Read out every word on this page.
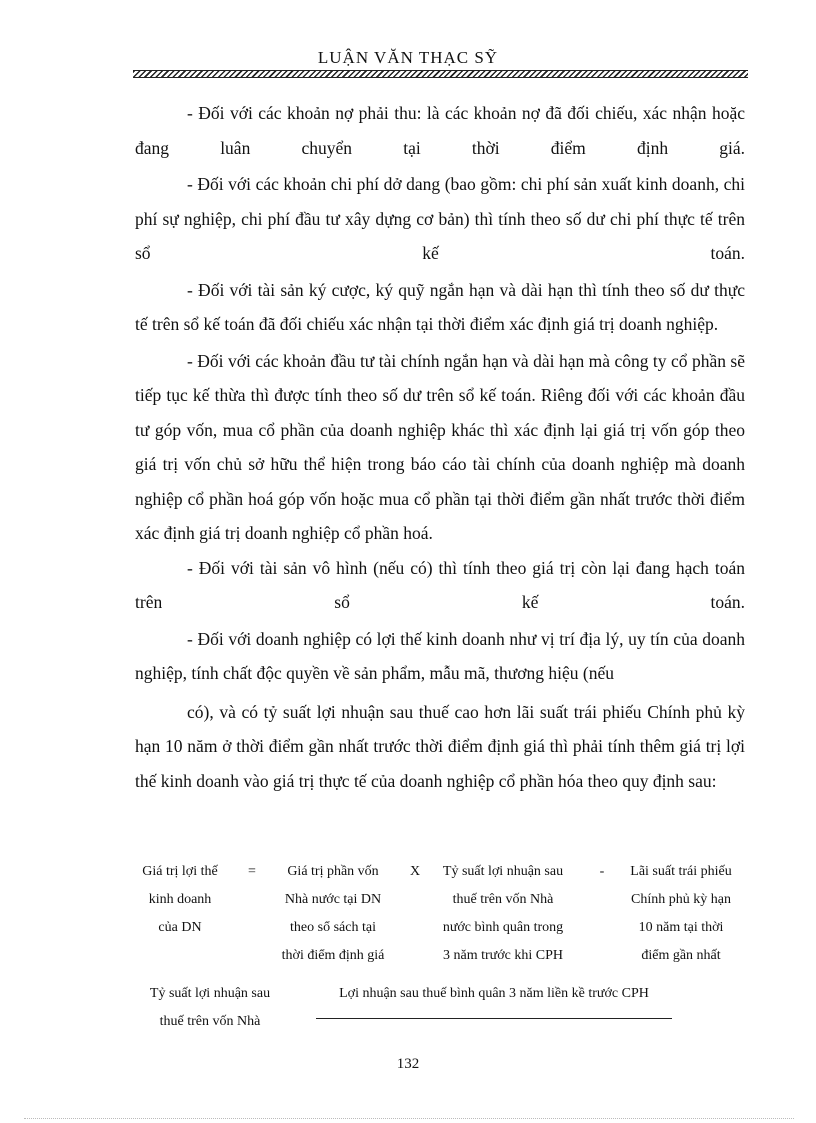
LUẬN VĂN THẠC SỸ

- Đối với các khoản nợ phải thu: là các khoản nợ đã đối chiếu, xác nhận hoặc đang luân chuyển tại thời điểm định giá.

- Đối với các khoản chi phí dở dang (bao gồm: chi phí sản xuất kinh doanh, chi phí sự nghiệp, chi phí đầu tư xây dựng cơ bản) thì tính theo số dư chi phí thực tế trên sổ kế toán.

- Đối với tài sản ký cược, ký quỹ ngắn hạn và dài hạn thì tính theo số dư thực tế trên sổ kế toán đã đối chiếu xác nhận tại thời điểm xác định giá trị doanh nghiệp.

- Đối với các khoản đầu tư tài chính ngắn hạn và dài hạn mà công ty cổ phần sẽ tiếp tục kế thừa thì được tính theo số dư trên sổ kế toán. Riêng đối với các khoản đầu tư góp vốn, mua cổ phần của doanh nghiệp khác thì xác định lại giá trị vốn góp theo giá trị vốn chủ sở hữu thể hiện trong báo cáo tài chính của doanh nghiệp mà doanh nghiệp cổ phần hoá góp vốn hoặc mua cổ phần tại thời điểm gần nhất trước thời điểm xác định giá trị doanh nghiệp cổ phần hoá.

- Đối với tài sản vô hình (nếu có) thì tính theo giá trị còn lại đang hạch toán trên sổ kế toán.

- Đối với doanh nghiệp có lợi thế kinh doanh như vị trí địa lý, uy tín của doanh nghiệp, tính chất độc quyền về sản phẩm, mẫu mã, thương hiệu (nếu

có), và có tỷ suất lợi nhuận sau thuế cao hơn lãi suất trái phiếu Chính phủ kỳ hạn 10 năm ở thời điểm gần nhất trước thời điểm định giá thì phải tính thêm giá trị lợi thế kinh doanh vào giá trị thực tế của doanh nghiệp cổ phần hóa theo quy định sau:

Giá trị lợi thế
kinh doanh
của DN
=	Giá trị phần vốn
Nhà nước tại DN
theo sổ sách tại
thời điểm định giá
X	Tỷ suất lợi nhuận sau
thuế trên vốn Nhà
nước bình quân trong
3 năm trước khi CPH
-	Lãi suất trái phiếu
Chính phủ kỳ hạn
10 năm tại thời
điểm gần nhất
Tỷ suất lợi nhuận sau
thuế trên vốn Nhà
Lợi nhuận sau thuế bình quân 3 năm liền kề trước CPH
132
